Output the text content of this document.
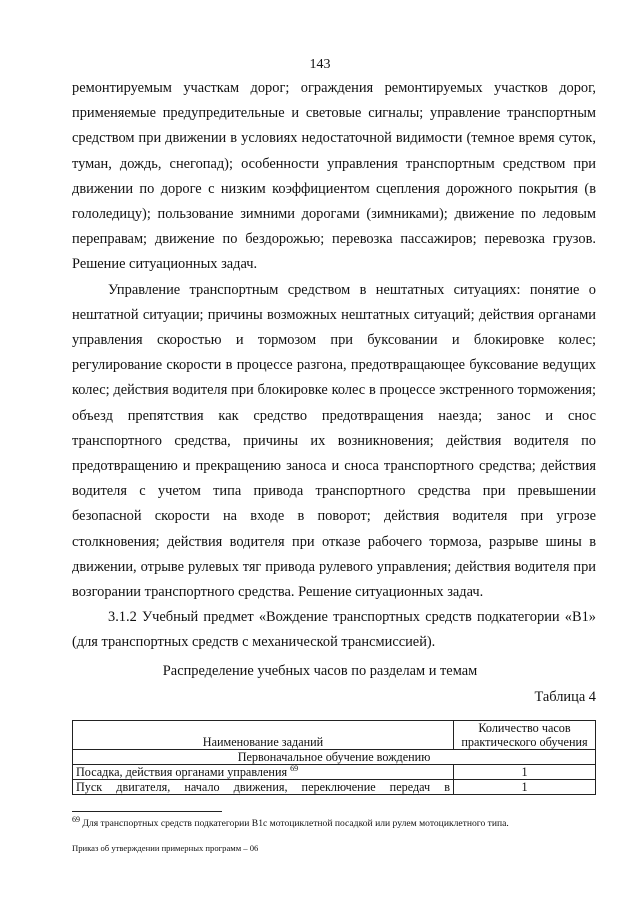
143

ремонтируемым участкам дорог; ограждения ремонтируемых участков дорог, применяемые предупредительные и световые сигналы; управление транспортным средством при движении в условиях недостаточной видимости (темное время суток, туман, дождь, снегопад); особенности управления транспортным средством при движении по дороге с низким коэффициентом сцепления дорожного покрытия (в гололедицу); пользование зимними дорогами (зимниками); движение по ледовым переправам; движение по бездорожью; перевозка пассажиров; перевозка грузов. Решение ситуационных задач.

Управление транспортным средством в нештатных ситуациях: понятие о нештатной ситуации; причины возможных нештатных ситуаций; действия органами управления скоростью и тормозом при буксовании и блокировке колес; регулирование скорости в процессе разгона, предотвращающее буксование ведущих колес; действия водителя при блокировке колес в процессе экстренного торможения; объезд препятствия как средство предотвращения наезда; занос и снос транспортного средства, причины их возникновения; действия водителя по предотвращению и прекращению заноса и сноса транспортного средства; действия водителя с учетом типа привода транспортного средства при превышении безопасной скорости на входе в поворот; действия водителя при угрозе столкновения; действия водителя при отказе рабочего тормоза, разрыве шины в движении, отрыве рулевых тяг привода рулевого управления; действия водителя при возгорании транспортного средства. Решение ситуационных задач.

3.1.2 Учебный предмет «Вождение транспортных средств подкатегории «B1» (для транспортных средств с механической трансмиссией).

Распределение учебных часов по разделам и темам
Таблица 4
Наименование заданий	Количество часов практического обучения
Первоначальное обучение вождению	
Посадка, действия органами управления $^{69}$	1
Пуск двигателя, начало движения, переключение передач в	1
$^{69}$ Для транспортных средств подкатегории B1с мотоциклетной посадкой или рулем мотоциклетного типа.
Приказ об утверждении примерных программ – 06
